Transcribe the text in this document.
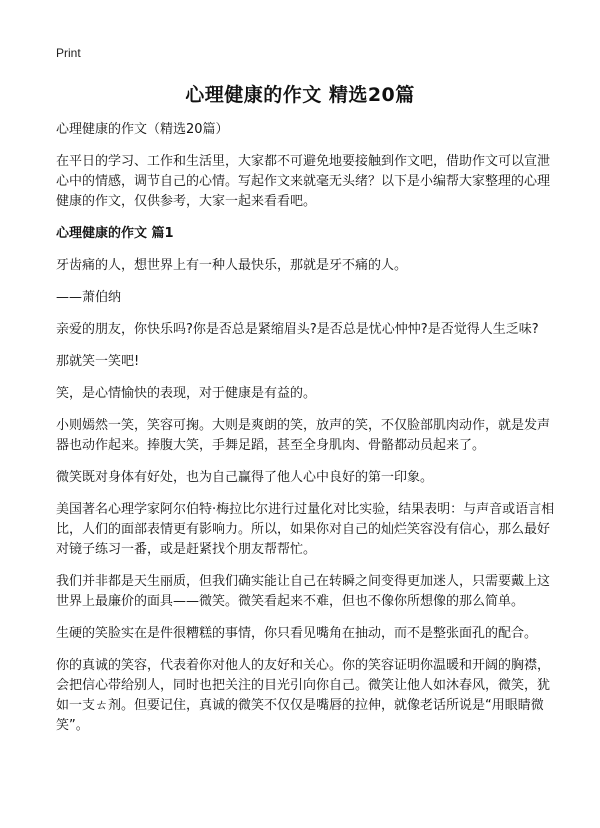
Print
心理健康的作文 精选20篇

心理健康的作文（精选20篇）

在平日的学习、工作和生活里，大家都不可避免地要接触到作文吧，借助作文可以宣泄心中的情感，调节自己的心情。写起作文来就毫无头绪？以下是小编帮大家整理的心理健康的作文，仅供参考，大家一起来看看吧。

心理健康的作文 篇1

牙齿痛的人，想世界上有一种人最快乐，那就是牙不痛的人。

——萧伯纳

亲爱的朋友，你快乐吗?你是否总是紧缩眉头?是否总是忧心忡忡?是否觉得人生乏味?

那就笑一笑吧!

笑，是心情愉快的表现，对于健康是有益的。

小则嫣然一笑，笑容可掬。大则是爽朗的笑，放声的笑，不仅脸部肌肉动作，就是发声器也动作起来。捧腹大笑，手舞足蹈，甚至全身肌肉、骨骼都动员起来了。

微笑既对身体有好处，也为自己赢得了他人心中良好的第一印象。

美国著名心理学家阿尔伯特·梅拉比尔进行过量化对比实验，结果表明：与声音或语言相比，人们的面部表情更有影响力。所以，如果你对自己的灿烂笑容没有信心，那么最好对镜子练习一番，或是赶紧找个朋友帮帮忙。

我们并非都是天生丽质，但我们确实能让自己在转瞬之间变得更加迷人，只需要戴上这世界上最廉价的面具——微笑。微笑看起来不难，但也不像你所想像的那么简单。

生硬的笑脸实在是件很糟糕的事情，你只看见嘴角在抽动，而不是整张面孔的配合。

你的真诚的笑容，代表着你对他人的友好和关心。你的笑容证明你温暖和开阔的胸襟，会把信心带给别人，同时也把关注的目光引向你自己。微笑让他人如沐春风，微笑，犹如一支ㄊ剂。但要记住，真诚的微笑不仅仅是嘴唇的拉伸，就像老话所说是“用眼睛微笑”。
